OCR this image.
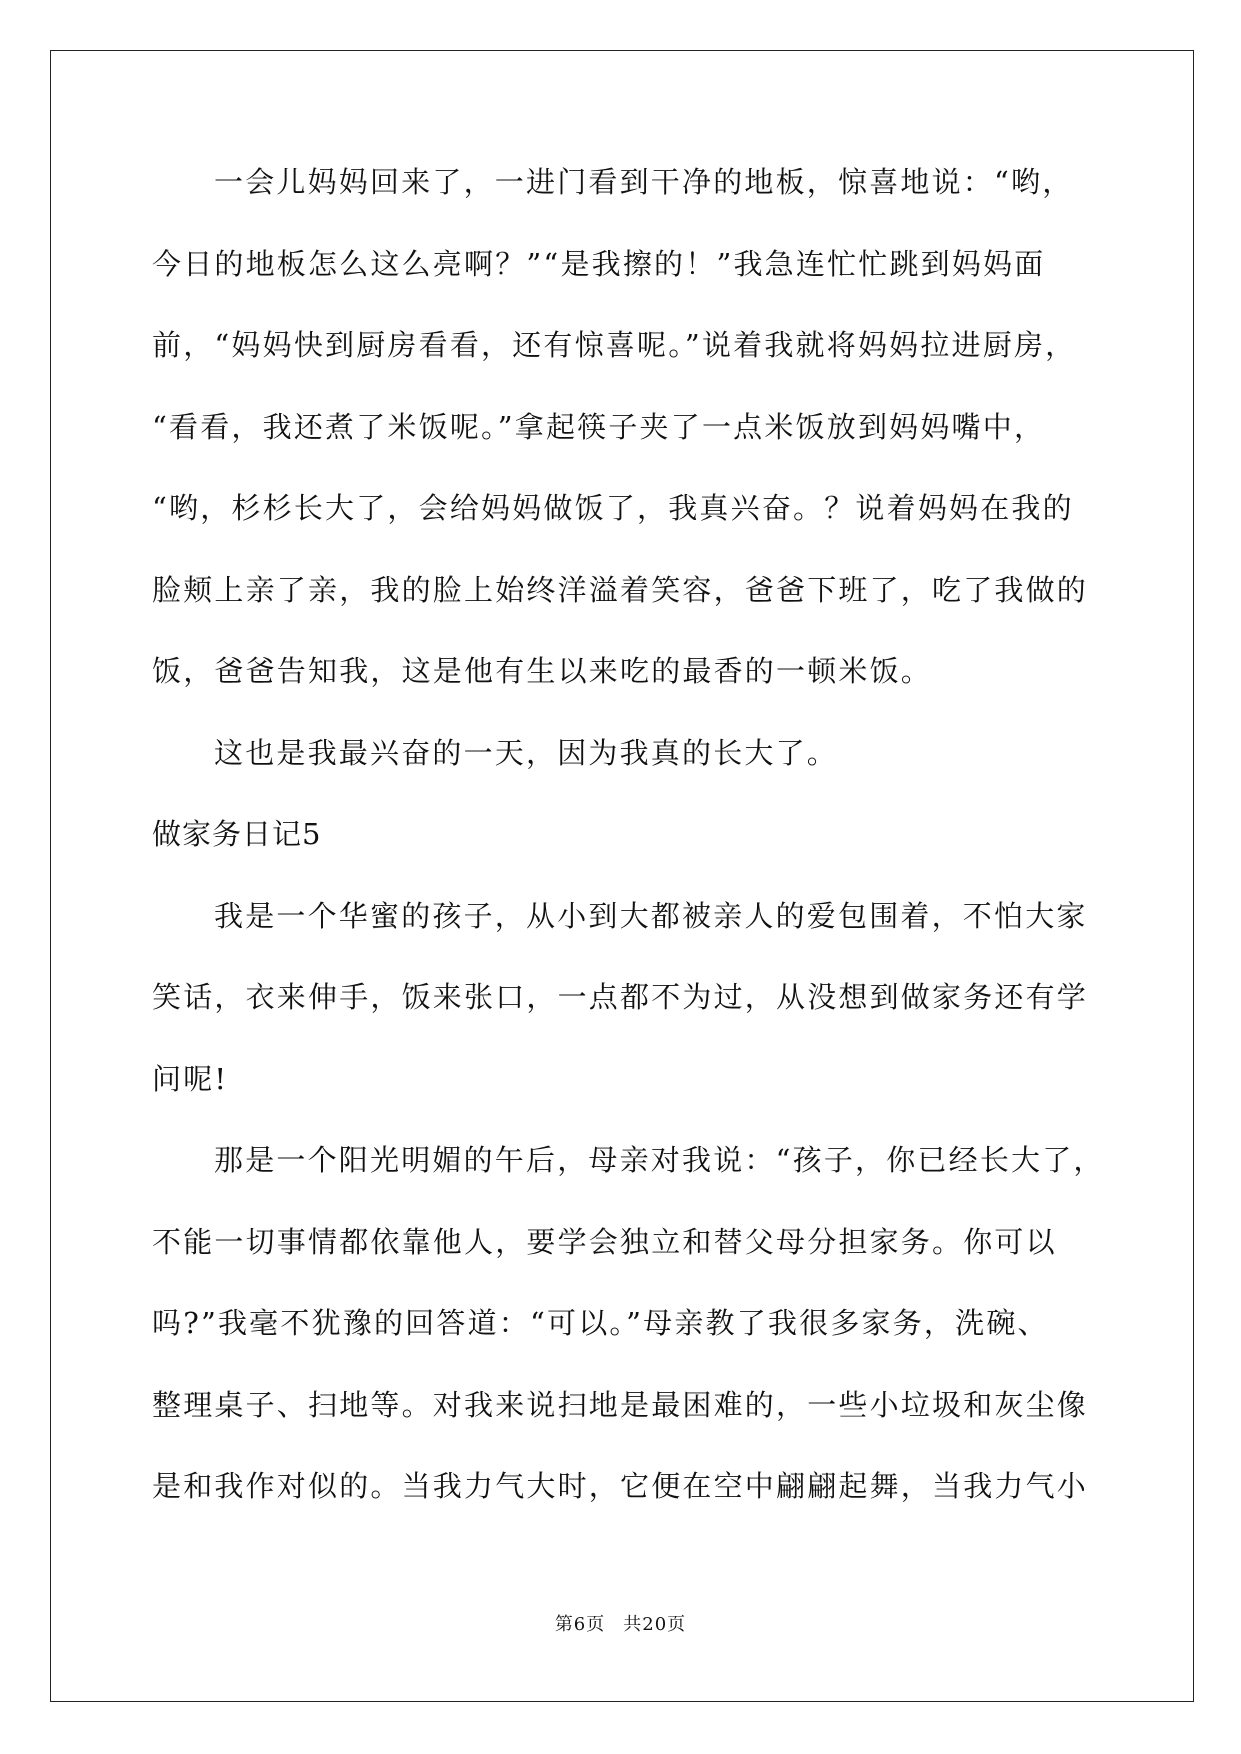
一会儿妈妈回来了，一进门看到干净的地板，惊喜地说：“哟，
今日的地板怎么这么亮啊？”“是我擦的！”我急连忙忙跳到妈妈面
前，“妈妈快到厨房看看，还有惊喜呢。”说着我就将妈妈拉进厨房，
“看看，我还煮了米饭呢。”拿起筷子夹了一点米饭放到妈妈嘴中，
“哟，杉杉长大了，会给妈妈做饭了，我真兴奋。？说着妈妈在我的
脸颊上亲了亲，我的脸上始终洋溢着笑容，爸爸下班了，吃了我做的
饭，爸爸告知我，这是他有生以来吃的最香的一顿米饭。
这也是我最兴奋的一天，因为我真的长大了。
做家务日记5
我是一个华蜜的孩子，从小到大都被亲人的爱包围着，不怕大家
笑话，衣来伸手，饭来张口，一点都不为过，从没想到做家务还有学
问呢!
那是一个阳光明媚的午后，母亲对我说：“孩子，你已经长大了，
不能一切事情都依靠他人，要学会独立和替父母分担家务。你可以
吗?”我毫不犹豫的回答道：“可以。”母亲教了我很多家务，洗碗、
整理桌子、扫地等。对我来说扫地是最困难的，一些小垃圾和灰尘像
是和我作对似的。当我力气大时，它便在空中翩翩起舞，当我力气小
第6页 共20页
